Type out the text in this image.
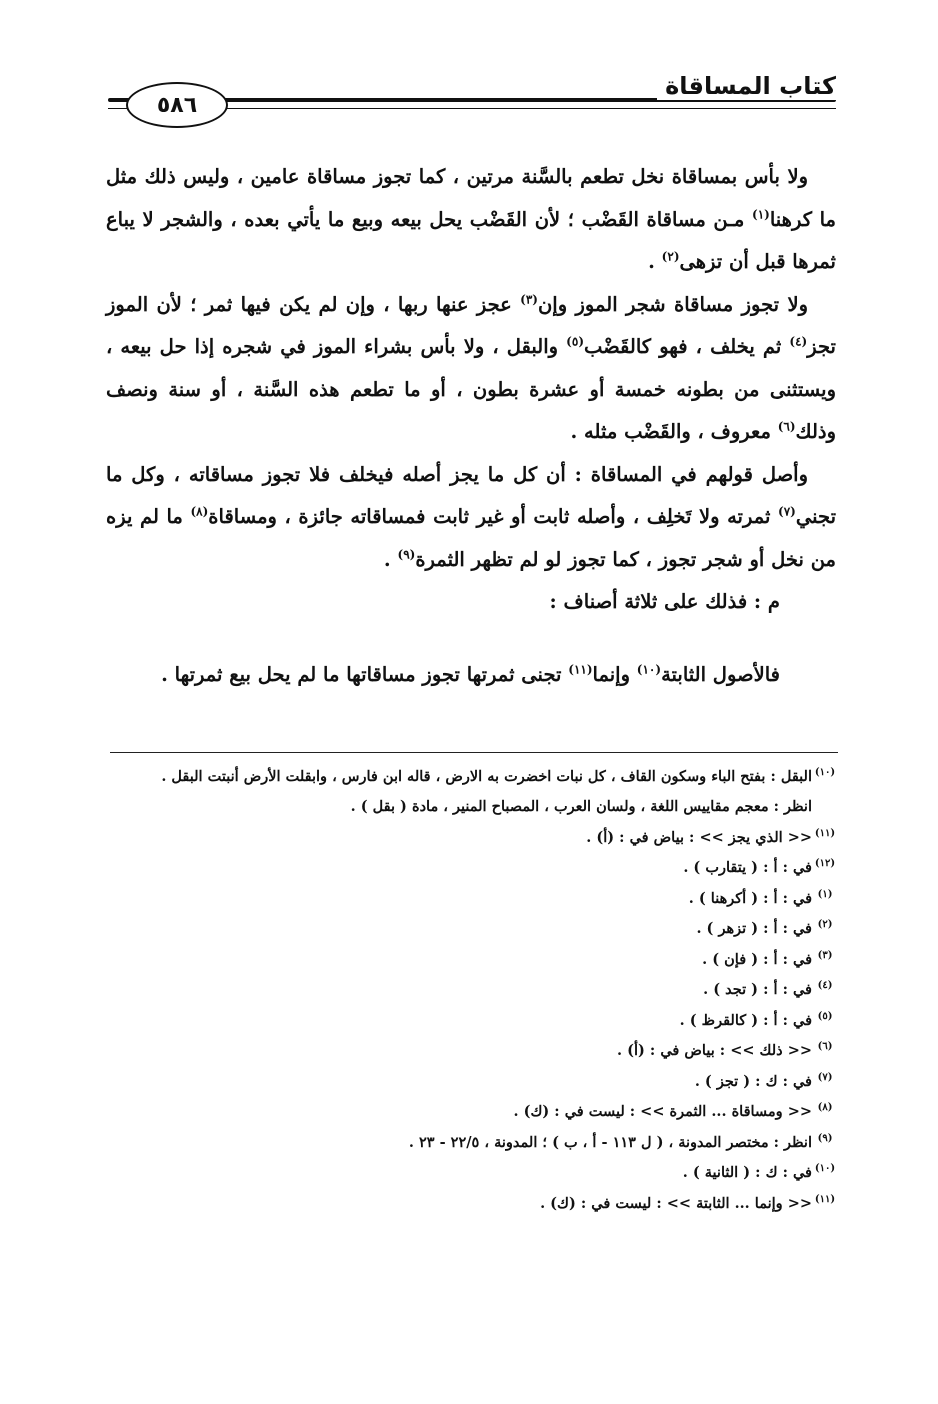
كتاب المساقاة
٥٨٦

ولا بأس بمساقاة نخل تطعم بالسَّنة مرتين ، كما تجوز مساقاة عامين ، وليس ذلك مثل ما كرهنا$^{(١)}$ مـن مساقاة القَضْب ؛ لأن القَضْب يحل بيعه وبيع ما يأتي بعده ، والشجر لا يباع ثمرها قبل أن تزهى$^{(٢)}$ .

ولا تجوز مساقاة شجر الموز وإن$^{(٣)}$ عجز عنها ربها ، وإن لم يكن فيها ثمر ؛ لأن الموز تجز$^{(٤)}$ ثم يخلف ، فهو كالقَضْب$^{(٥)}$ والبقل ، ولا بأس بشراء الموز في شجره إذا حل بيعه ، ويستثنى من بطونه خمسة أو عشرة بطون ، أو ما تطعم هذه السَّنة ، أو سنة ونصف وذلك$^{(٦)}$ معروف ، والقَضْب مثله .

وأصل قولهم في المساقاة : أن كل ما يجز أصله فيخلف فلا تجوز مساقاته ، وكل ما تجني$^{(٧)}$ ثمرته ولا تَخلِف ، وأصله ثابت أو غير ثابت فمساقاته جائزة ، ومساقاة$^{(٨)}$ ما لم يزه من نخل أو شجر تجوز ، كما تجوز لو لم تظهر الثمرة$^{(٩)}$ .

م : فذلك على ثلاثة أصناف :

فالأصول الثابتة$^{(١٠)}$ وإنما$^{(١١)}$ تجنى ثمرتها تجوز مساقاتها ما لم يحل بيع ثمرتها .

(١٠)
البقل : بفتح الباء وسكون القاف ، كل نبات اخضرت به الارض ، قاله ابن فارس ، وابقلت الأرض أنبتت البقل .
انظر : معجم مقاييس اللغة ، ولسان العرب ، المصباح المنير ، مادة ( بقل ) .
(١١)
<< الذي يجز >> : بياض في : (أ) .
(١٢)
في : أ : ( يتقارب ) .
(١)
في : أ : ( أكرهنا ) .
(٢)
في : أ : ( تزهر ) .
(٣)
في : أ : ( فإن ) .
(٤)
في : أ : ( تجد ) .
(٥)
في : أ : ( كالقرظ ) .
(٦)
<< ذلك >> : بياض في : (أ) .
(٧)
في : ك : ( تجز ) .
(٨)
<< ومساقاة ... الثمرة >> : ليست في : (ك) .
(٩)
انظر : مختصر المدونة ، ( ل ١١٣ - أ ، ب ) ؛ المدونة ، ٢٢/٥ - ٢٣ .
(١٠)
في : ك : ( الثانية ) .
(١١)
<< وإنما ... الثابتة >> : ليست في : (ك) .
